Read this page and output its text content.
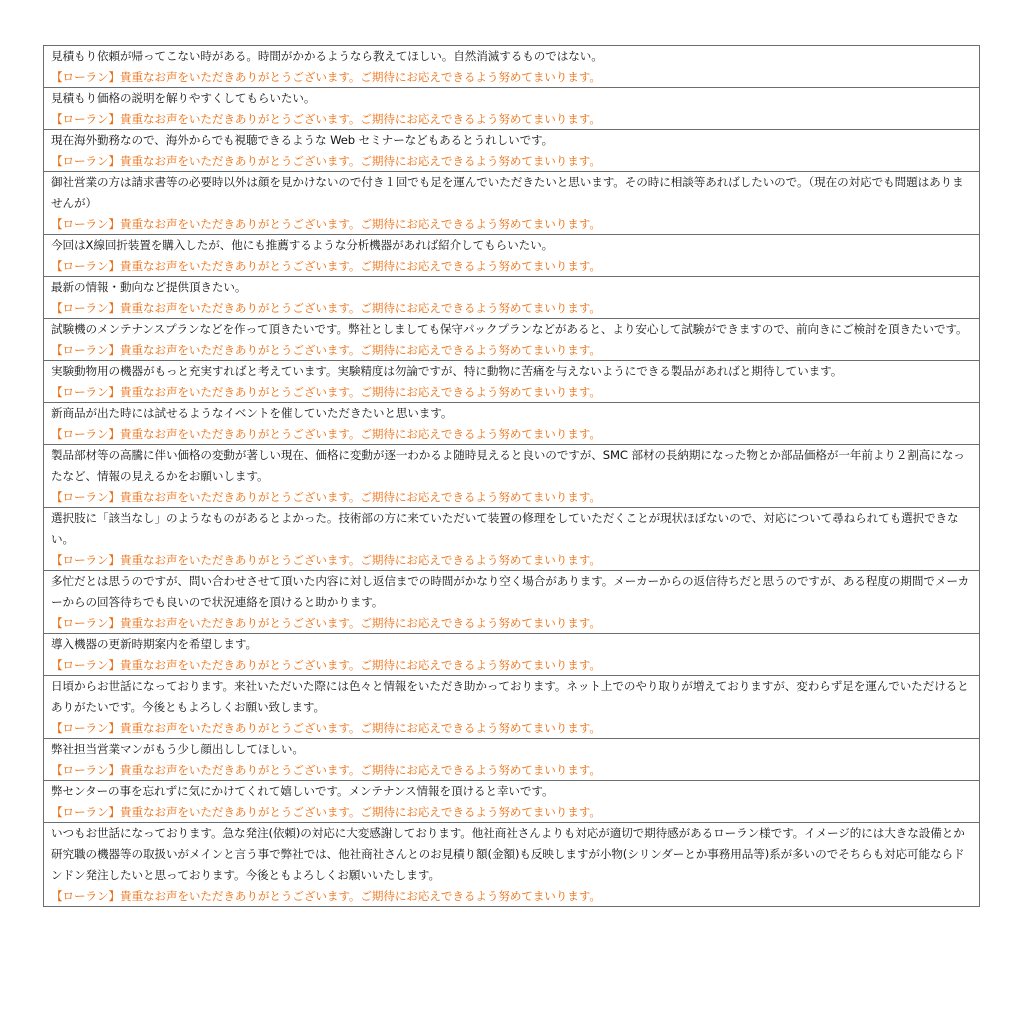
見積もり依頼が帰ってこない時がある。時間がかかるようなら教えてほしい。自然消滅するものではない。
【ローラン】貴重なお声をいただきありがとうございます。ご期待にお応えできるよう努めてまいります。

見積もり価格の説明を解りやすくしてもらいたい。
【ローラン】貴重なお声をいただきありがとうございます。ご期待にお応えできるよう努めてまいります。

現在海外勤務なので、海外からでも視聴できるような Web セミナーなどもあるとうれしいです。
【ローラン】貴重なお声をいただきありがとうございます。ご期待にお応えできるよう努めてまいります。

御社営業の方は請求書等の必要時以外は顔を見かけないので付き１回でも足を運んでいただきたいと思います。その時に相談等あればしたいので。（現在の対応でも問題はありませんが）
【ローラン】貴重なお声をいただきありがとうございます。ご期待にお応えできるよう努めてまいります。

今回はX線回折装置を購入したが、他にも推薦するような分析機器があれば紹介してもらいたい。
【ローラン】貴重なお声をいただきありがとうございます。ご期待にお応えできるよう努めてまいります。

最新の情報・動向など提供頂きたい。
【ローラン】貴重なお声をいただきありがとうございます。ご期待にお応えできるよう努めてまいります。

試験機のメンテナンスプランなどを作って頂きたいです。弊社としましても保守パックプランなどがあると、より安心して試験ができますので、前向きにご検討を頂きたいです。
【ローラン】貴重なお声をいただきありがとうございます。ご期待にお応えできるよう努めてまいります。

実験動物用の機器がもっと充実すればと考えています。実験精度は勿論ですが、特に動物に苦痛を与えないようにできる製品があればと期待しています。
【ローラン】貴重なお声をいただきありがとうございます。ご期待にお応えできるよう努めてまいります。

新商品が出た時には試せるようなイベントを催していただきたいと思います。
【ローラン】貴重なお声をいただきありがとうございます。ご期待にお応えできるよう努めてまいります。

製品部材等の高騰に伴い価格の変動が著しい現在、価格に変動が逐一わかるよ随時見えると良いのですが、SMC 部材の長納期になった物とか部品価格が一年前より２割高になったなど、情報の見えるかをお願いします。
【ローラン】貴重なお声をいただきありがとうございます。ご期待にお応えできるよう努めてまいります。

選択肢に「該当なし」のようなものがあるとよかった。技術部の方に来ていただいて装置の修理をしていただくことが現状ほぼないので、対応について尋ねられても選択できない。
【ローラン】貴重なお声をいただきありがとうございます。ご期待にお応えできるよう努めてまいります。

多忙だとは思うのですが、問い合わせさせて頂いた内容に対し返信までの時間がかなり空く場合があります。メーカーからの返信待ちだと思うのですが、ある程度の期間でメーカーからの回答待ちでも良いので状況連絡を頂けると助かります。
【ローラン】貴重なお声をいただきありがとうございます。ご期待にお応えできるよう努めてまいります。

導入機器の更新時期案内を希望します。
【ローラン】貴重なお声をいただきありがとうございます。ご期待にお応えできるよう努めてまいります。

日頃からお世話になっております。来社いただいた際には色々と情報をいただき助かっております。ネット上でのやり取りが増えておりますが、変わらず足を運んでいただけるとありがたいです。今後ともよろしくお願い致します。
【ローラン】貴重なお声をいただきありがとうございます。ご期待にお応えできるよう努めてまいります。

弊社担当営業マンがもう少し顔出ししてほしい。
【ローラン】貴重なお声をいただきありがとうございます。ご期待にお応えできるよう努めてまいります。

弊センターの事を忘れずに気にかけてくれて嬉しいです。メンテナンス情報を頂けると幸いです。
【ローラン】貴重なお声をいただきありがとうございます。ご期待にお応えできるよう努めてまいります。

いつもお世話になっております。急な発注(依頼)の対応に大変感謝しております。他社商社さんよりも対応が適切で期待感があるローラン様です。イメージ的には大きな設備とか研究職の機器等の取扱いがメインと言う事で弊社では、他社商社さんとのお見積り額(金額)も反映しますが小物(シリンダーとか事務用品等)系が多いのでそちらも対応可能ならドンドン発注したいと思っております。今後ともよろしくお願いいたします。
【ローラン】貴重なお声をいただきありがとうございます。ご期待にお応えできるよう努めてまいります。
